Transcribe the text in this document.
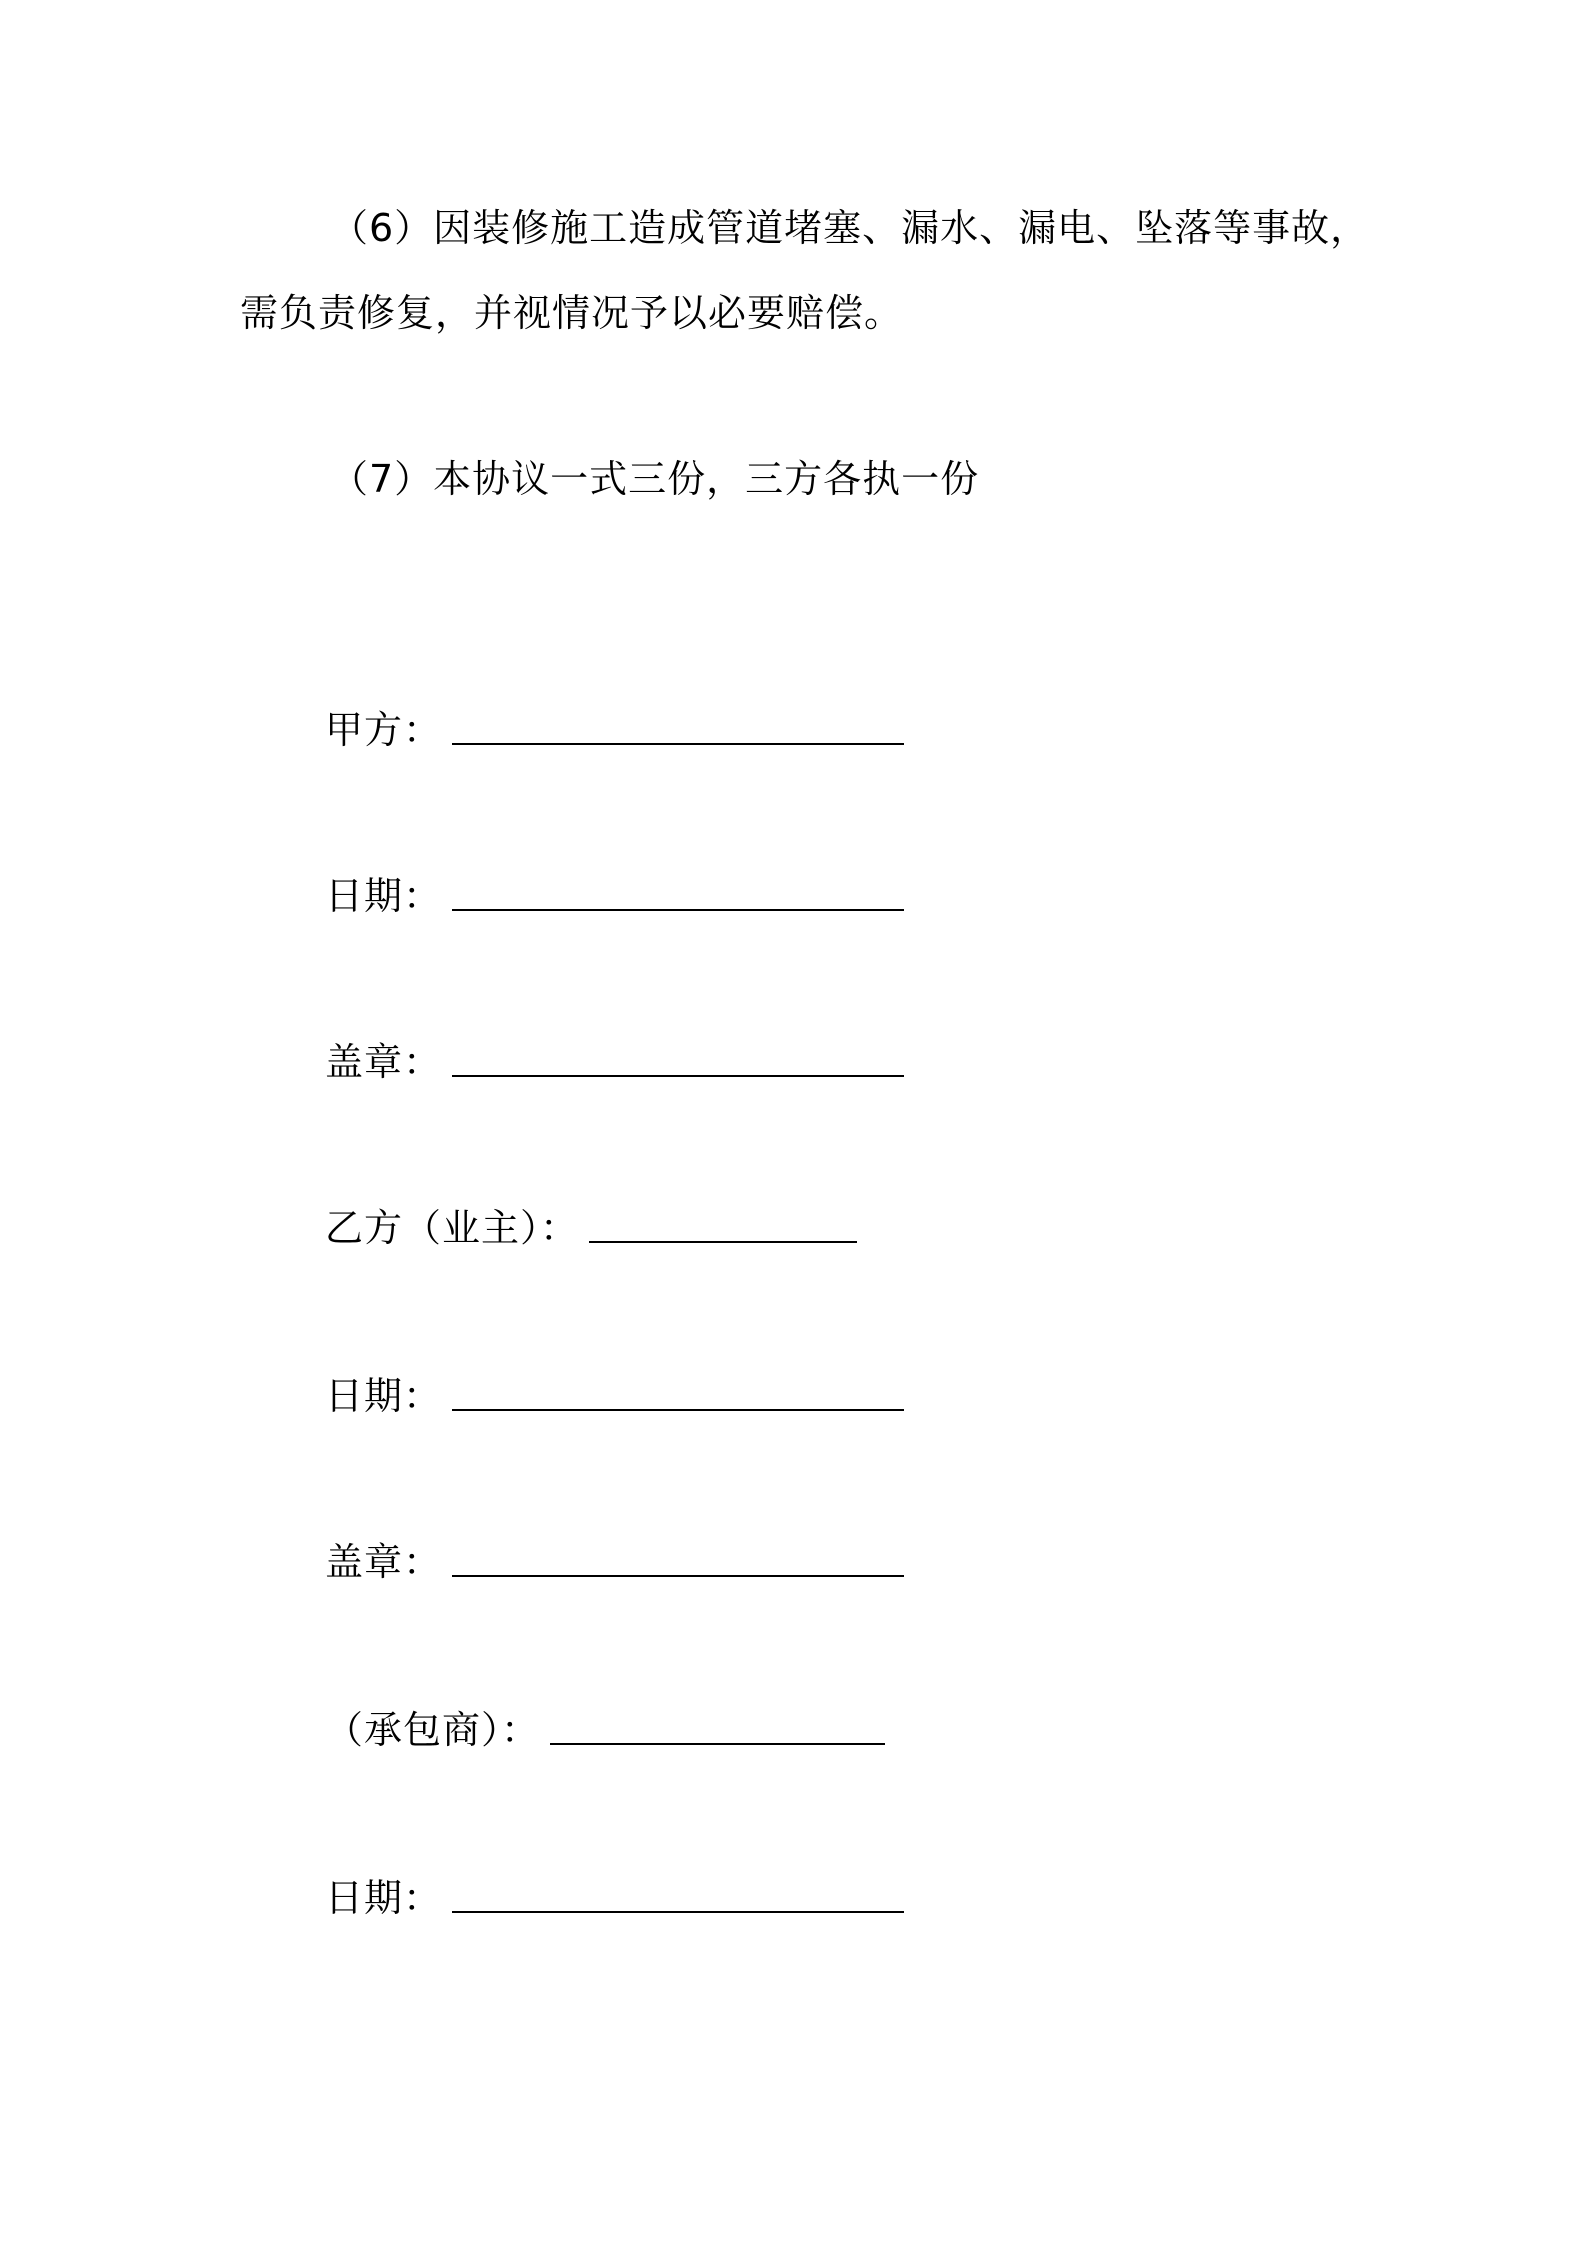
（6）因装修施工造成管道堵塞、漏水、漏电、坠落等事故，
需负责修复，并视情况予以必要赔偿。
（7）本协议一式三份，三方各执一份
甲方：
日期：
盖章：
乙方（业主）：
日期：
盖章：
（承包商）：
日期：
